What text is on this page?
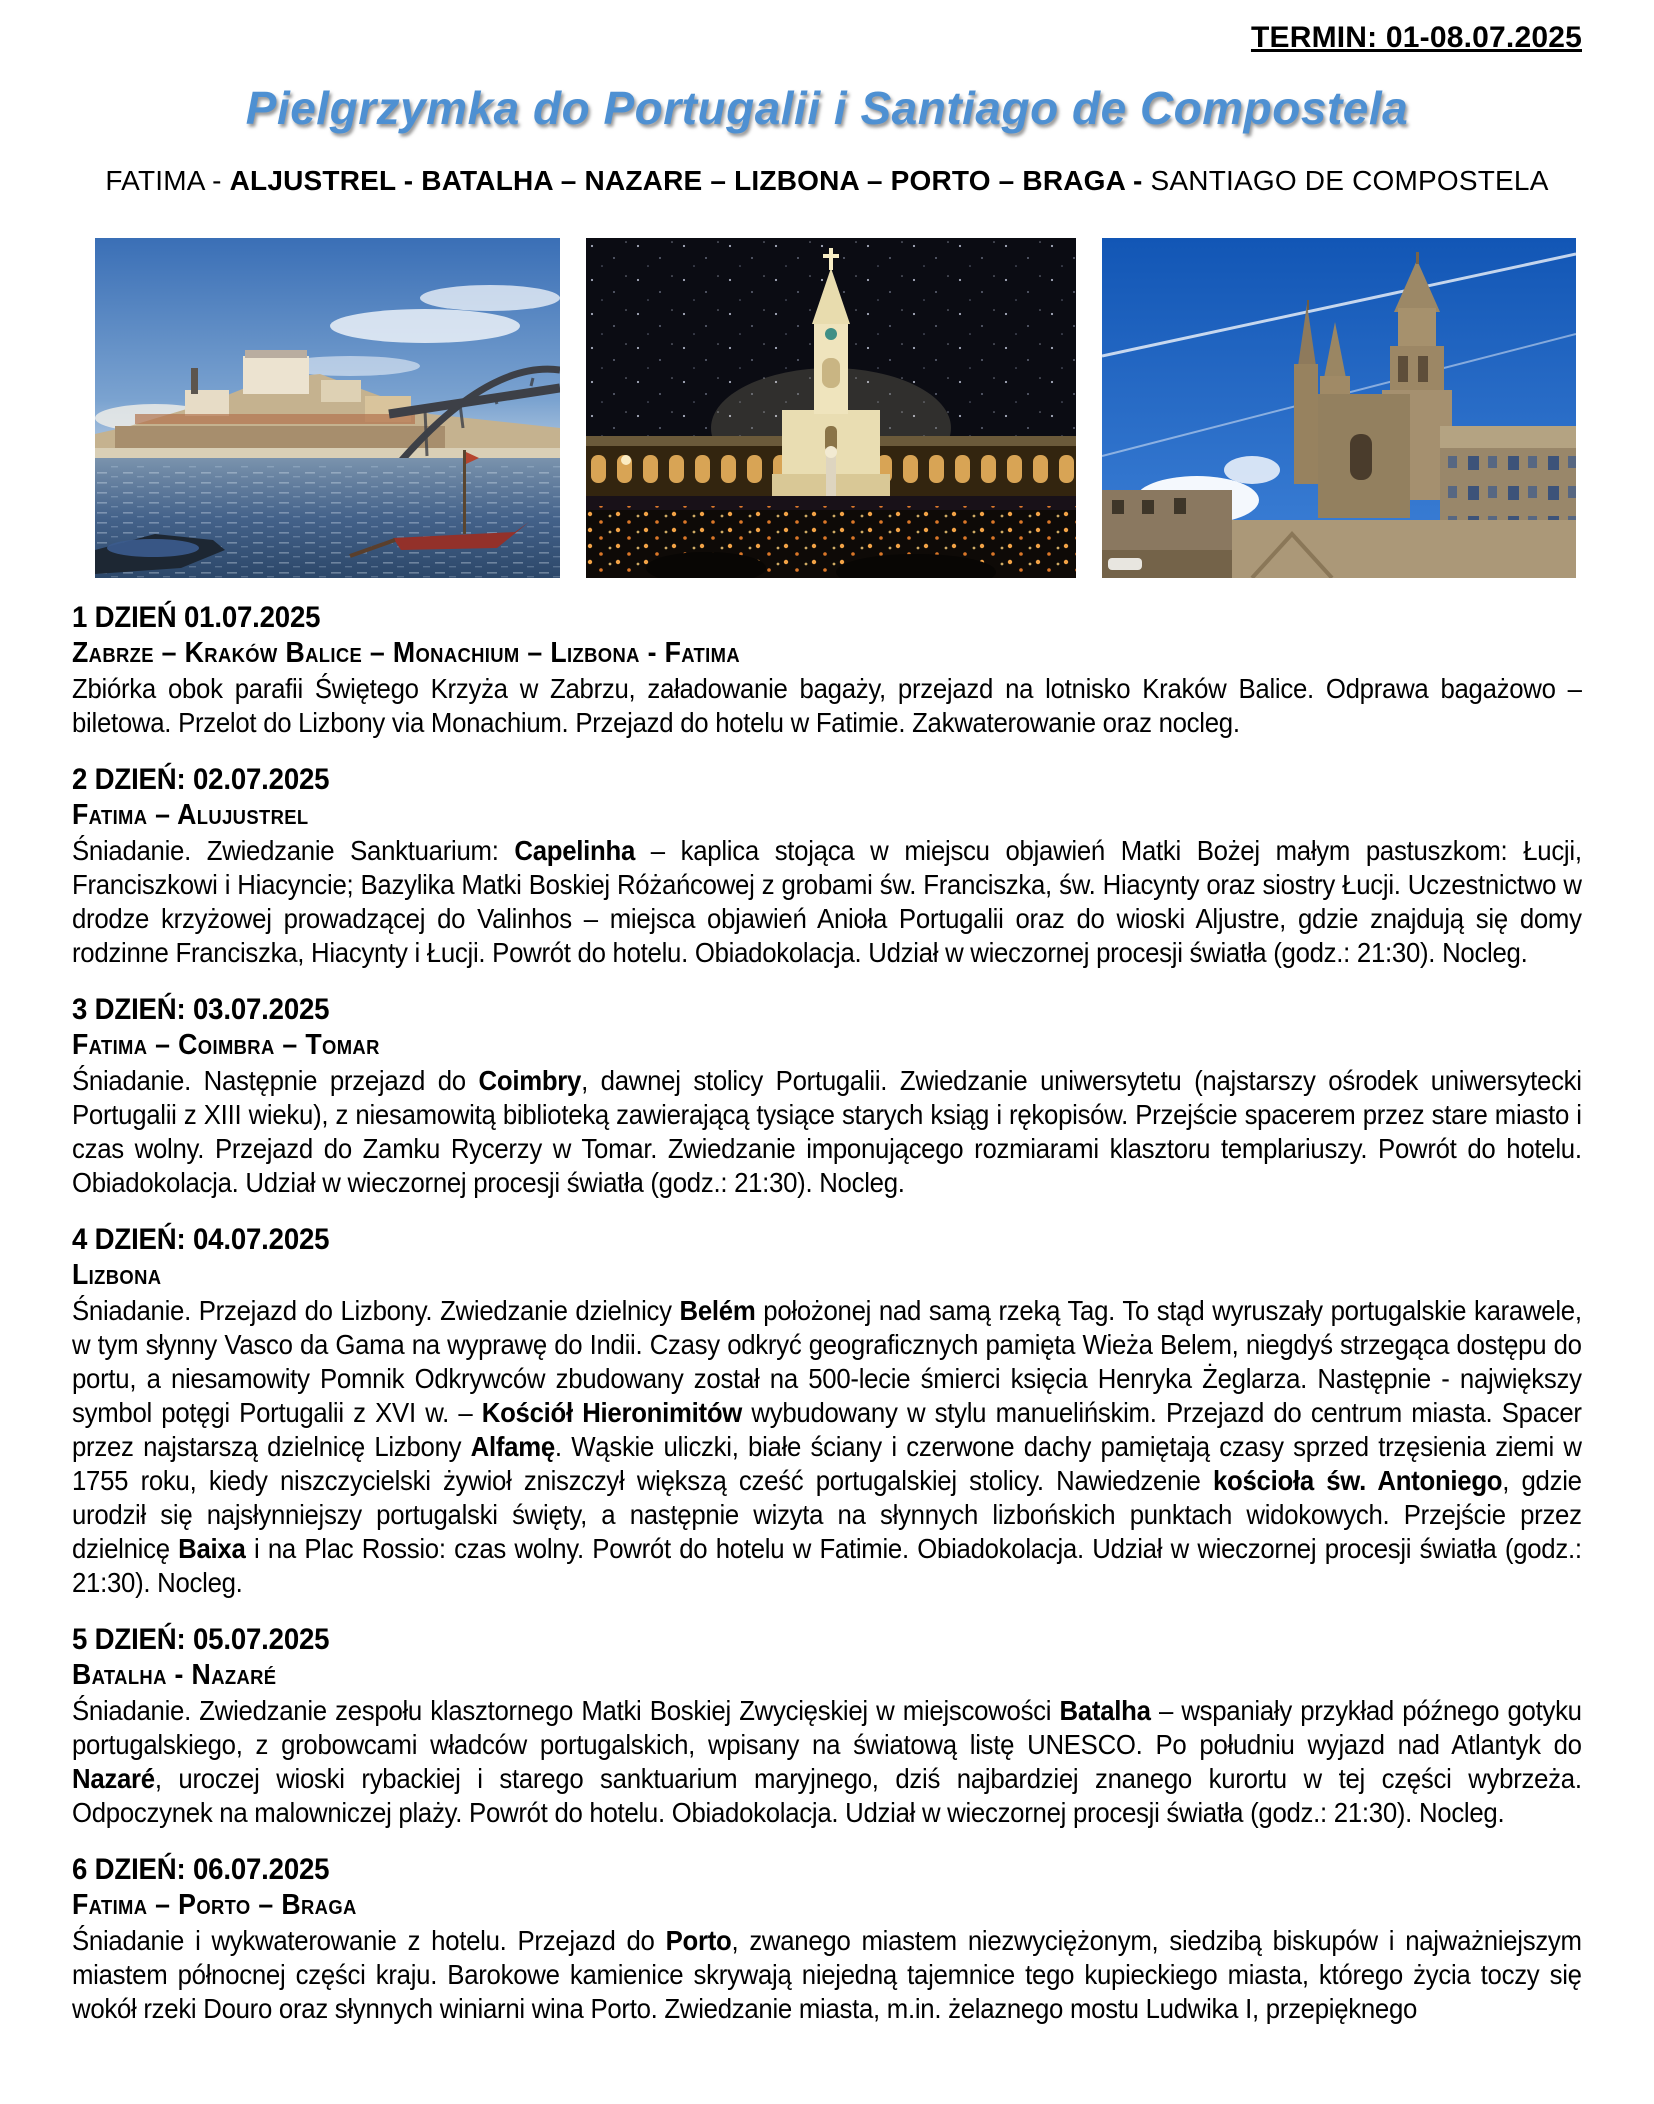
TERMIN: 01-08.07.2025
Pielgrzymka do Portugalii i Santiago de Compostela
FATIMA - ALJUSTREL - BATALHA – NAZARE – LIZBONA – PORTO – BRAGA - SANTIAGO DE COMPOSTELA
1 DZIEŃ 01.07.2025
Zabrze – Kraków Balice – Monachium – Lizbona - Fatima

Zbiórka obok parafii Świętego Krzyża w Zabrzu, załadowanie bagaży, przejazd na lotnisko Kraków Balice. Odprawa bagażowo – biletowa. Przelot do Lizbony via Monachium. Przejazd do hotelu w Fatimie. Zakwaterowanie oraz nocleg.

2 DZIEŃ: 02.07.2025
Fatima – Alujustrel

Śniadanie. Zwiedzanie Sanktuarium: Capelinha – kaplica stojąca w miejscu objawień Matki Bożej małym pastuszkom: Łucji, Franciszkowi i Hiacyncie; Bazylika Matki Boskiej Różańcowej z grobami św. Franciszka, św. Hiacynty oraz siostry Łucji. Uczestnictwo w drodze krzyżowej prowadzącej do Valinhos – miejsca objawień Anioła Portugalii oraz do wioski Aljustre, gdzie znajdują się domy rodzinne Franciszka, Hiacynty i Łucji. Powrót do hotelu. Obiadokolacja. Udział w wieczornej procesji światła (godz.: 21:30). Nocleg.

3 DZIEŃ: 03.07.2025
Fatima – Coimbra – Tomar

Śniadanie. Następnie przejazd do Coimbry, dawnej stolicy Portugalii. Zwiedzanie uniwersytetu (najstarszy ośrodek uniwersytecki Portugalii z XIII wieku), z niesamowitą biblioteką zawierającą tysiące starych ksiąg i rękopisów. Przejście spacerem przez stare miasto i czas wolny. Przejazd do Zamku Rycerzy w Tomar. Zwiedzanie imponującego rozmiarami klasztoru templariuszy. Powrót do hotelu. Obiadokolacja. Udział w wieczornej procesji światła (godz.: 21:30). Nocleg.

4 DZIEŃ: 04.07.2025
Lizbona

Śniadanie. Przejazd do Lizbony. Zwiedzanie dzielnicy Belém położonej nad samą rzeką Tag. To stąd wyruszały portugalskie karawele, w tym słynny Vasco da Gama na wyprawę do Indii. Czasy odkryć geograficznych pamięta Wieża Belem, niegdyś strzegąca dostępu do portu, a niesamowity Pomnik Odkrywców zbudowany został na 500-lecie śmierci księcia Henryka Żeglarza. Następnie - największy symbol potęgi Portugalii z XVI w. – Kościół Hieronimitów wybudowany w stylu manuelińskim. Przejazd do centrum miasta. Spacer przez najstarszą dzielnicę Lizbony Alfamę. Wąskie uliczki, białe ściany i czerwone dachy pamiętają czasy sprzed trzęsienia ziemi w 1755 roku, kiedy niszczycielski żywioł zniszczył większą cześć portugalskiej stolicy. Nawiedzenie kościoła św. Antoniego, gdzie urodził się najsłynniejszy portugalski święty, a następnie wizyta na słynnych lizbońskich punktach widokowych. Przejście przez dzielnicę Baixa i na Plac Rossio: czas wolny. Powrót do hotelu w Fatimie. Obiadokolacja. Udział w wieczornej procesji światła (godz.: 21:30). Nocleg.

5 DZIEŃ: 05.07.2025
Batalha - Nazaré

Śniadanie. Zwiedzanie zespołu klasztornego Matki Boskiej Zwycięskiej w miejscowości Batalha – wspaniały przykład późnego gotyku portugalskiego, z grobowcami władców portugalskich, wpisany na światową listę UNESCO. Po południu wyjazd nad Atlantyk do Nazaré, uroczej wioski rybackiej i starego sanktuarium maryjnego, dziś najbardziej znanego kurortu w tej części wybrzeża. Odpoczynek na malowniczej plaży. Powrót do hotelu. Obiadokolacja. Udział w wieczornej procesji światła (godz.: 21:30). Nocleg.

6 DZIEŃ: 06.07.2025
Fatima – Porto – Braga

Śniadanie i wykwaterowanie z hotelu. Przejazd do Porto, zwanego miastem niezwyciężonym, siedzibą biskupów i najważniejszym miastem północnej części kraju. Barokowe kamienice skrywają niejedną tajemnice tego kupieckiego miasta, którego życia toczy się wokół rzeki Douro oraz słynnych winiarni wina Porto. Zwiedzanie miasta, m.in. żelaznego mostu Ludwika I, przepięknego
